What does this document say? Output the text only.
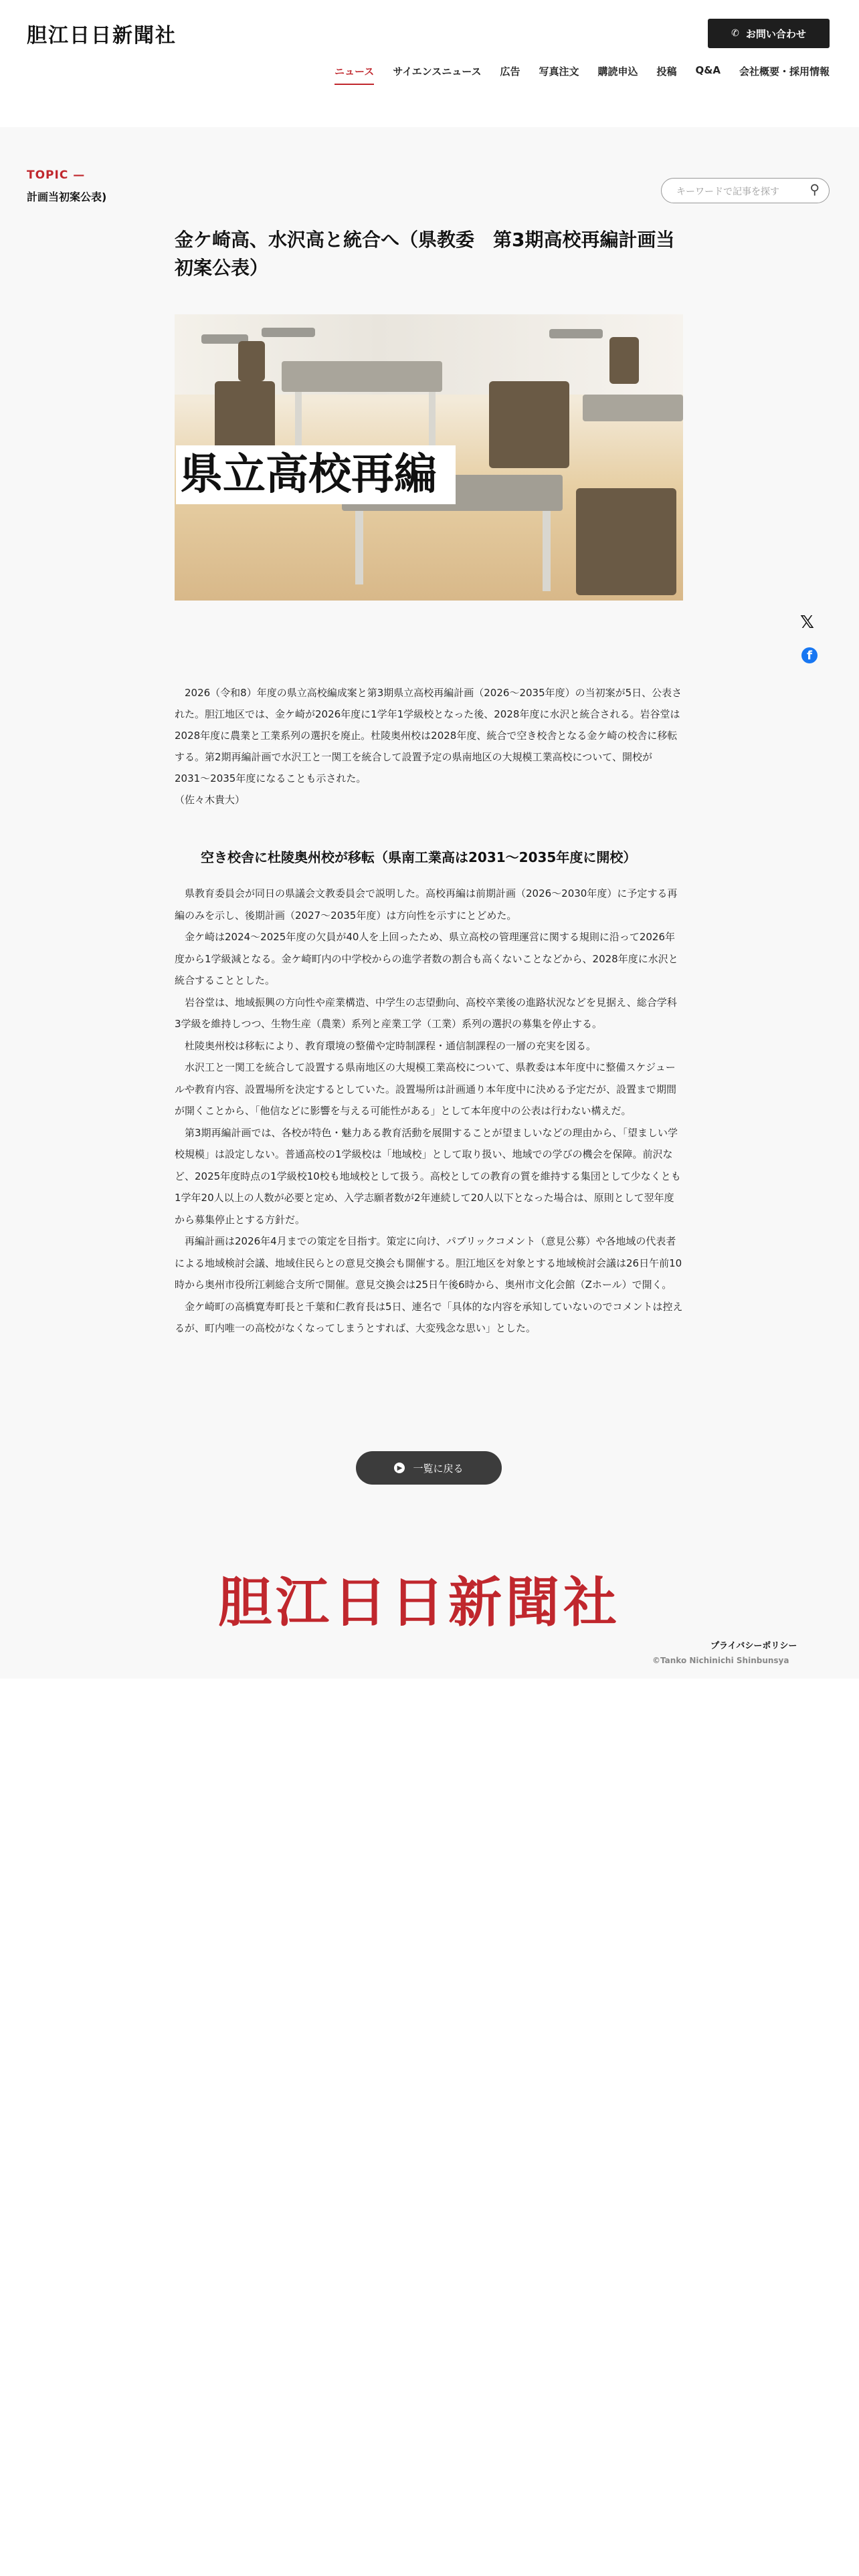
胆江日日新聞社	✆ お問い合わせ
ニュース サイエンスニュース 広告 写真注文 購読申込 投稿 Q&A 会社概要・採用情報
TOPIC —
計画当初案公表)
キーワードで記事を探す	⚲
金ケ崎高、水沢高と統合へ（県教委　第3期高校再編計画当初案公表）
県立高校再編
𝕏
f

　2026（令和8）年度の県立高校編成案と第3期県立高校再編計画（2026〜2035年度）の当初案が5日、公表された。胆江地区では、金ケ崎が2026年度に1学年1学級校となった後、2028年度に水沢と統合される。岩谷堂は2028年度に農業と工業系列の選択を廃止。杜陵奥州校は2028年度、統合で空き校舎となる金ケ崎の校舎に移転する。第2期再編計画で水沢工と一関工を統合して設置予定の県南地区の大規模工業高校について、開校が2031〜2035年度になることも示された。

（佐々木貴大）

空き校舎に杜陵奥州校が移転（県南工業高は2031〜2035年度に開校）

　県教育委員会が同日の県議会文教委員会で説明した。高校再編は前期計画（2026〜2030年度）に予定する再編のみを示し、後期計画（2027〜2035年度）は方向性を示すにとどめた。

　金ケ崎は2024〜2025年度の欠員が40人を上回ったため、県立高校の管理運営に関する規則に沿って2026年度から1学級減となる。金ケ崎町内の中学校からの進学者数の割合も高くないことなどから、2028年度に水沢と統合することとした。

　岩谷堂は、地域振興の方向性や産業構造、中学生の志望動向、高校卒業後の進路状況などを見据え、総合学科3学級を維持しつつ、生物生産（農業）系列と産業工学（工業）系列の選択の募集を停止する。

　杜陵奥州校は移転により、教育環境の整備や定時制課程・通信制課程の一層の充実を図る。

　水沢工と一関工を統合して設置する県南地区の大規模工業高校について、県教委は本年度中に整備スケジュールや教育内容、設置場所を決定するとしていた。設置場所は計画通り本年度中に決める予定だが、設置まで期間が開くことから、「他信などに影響を与える可能性がある」として本年度中の公表は行わない構えだ。

　第3期再編計画では、各校が特色・魅力ある教育活動を展開することが望ましいなどの理由から、「望ましい学校規模」は設定しない。普通高校の1学級校は「地域校」として取り扱い、地域での学びの機会を保障。前沢など、2025年度時点の1学級校10校も地域校として扱う。高校としての教育の質を維持する集団として少なくとも1学年20人以上の人数が必要と定め、入学志願者数が2年連続して20人以下となった場合は、原則として翌年度から募集停止とする方針だ。

　再編計画は2026年4月までの策定を目指す。策定に向け、パブリックコメント（意見公募）や各地域の代表者による地域検討会議、地域住民らとの意見交換会も開催する。胆江地区を対象とする地域検討会議は26日午前10時から奥州市役所江刺総合支所で開催。意見交換会は25日午後6時から、奥州市文化会館（Zホール）で開く。

　金ケ崎町の高橋寛寿町長と千葉和仁教育長は5日、連名で「具体的な内容を承知していないのでコメントは控えるが、町内唯一の高校がなくなってしまうとすれば、大変残念な思い」とした。

▶ 一覧に戻る
胆江日日新聞社
プライバシーポリシー
©Tanko Nichinichi Shinbunsya
